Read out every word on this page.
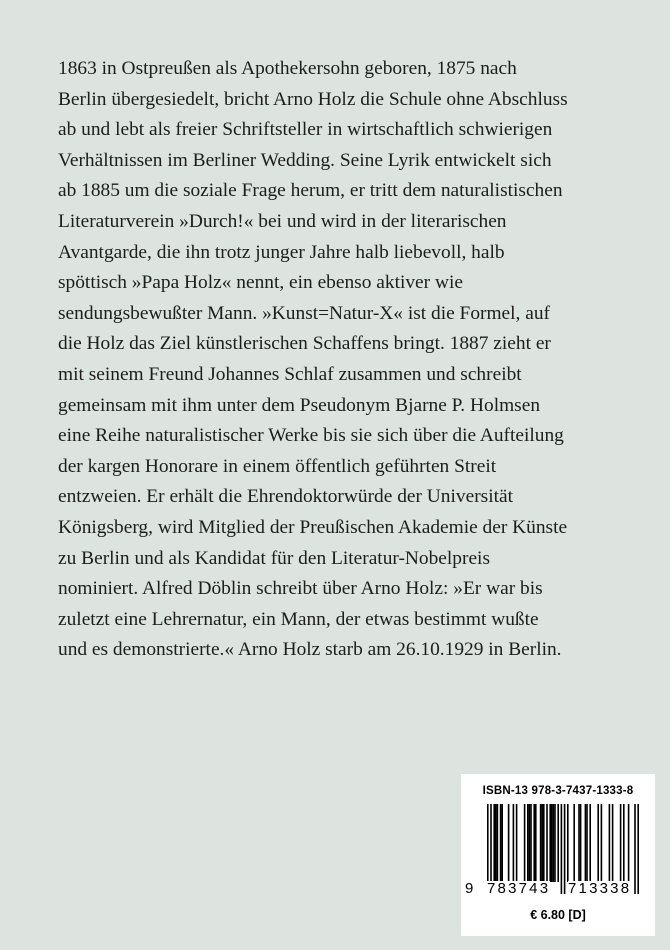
1863 in Ostpreußen als Apothekersohn geboren, 1875 nach
Berlin übergesiedelt, bricht Arno Holz die Schule ohne Abschluss
ab und lebt als freier Schriftsteller in wirtschaftlich schwierigen
Verhältnissen im Berliner Wedding. Seine Lyrik entwickelt sich
ab 1885 um die soziale Frage herum, er tritt dem naturalistischen
Literaturverein »Durch!« bei und wird in der literarischen
Avantgarde, die ihn trotz junger Jahre halb liebevoll, halb
spöttisch »Papa Holz« nennt, ein ebenso aktiver wie
sendungsbewußter Mann. »Kunst=Natur-X« ist die Formel, auf
die Holz das Ziel künstlerischen Schaffens bringt. 1887 zieht er
mit seinem Freund Johannes Schlaf zusammen und schreibt
gemeinsam mit ihm unter dem Pseudonym Bjarne P. Holmsen
eine Reihe naturalistischer Werke bis sie sich über die Aufteilung
der kargen Honorare in einem öffentlich geführten Streit
entzweien. Er erhält die Ehrendoktorwürde der Universität
Königsberg, wird Mitglied der Preußischen Akademie der Künste
zu Berlin und als Kandidat für den Literatur-Nobelpreis
nominiert. Alfred Döblin schreibt über Arno Holz: »Er war bis
zuletzt eine Lehrernatur, ein Mann, der etwas bestimmt wußte
und es demonstrierte.« Arno Holz starb am 26.10.1929 in Berlin.
ISBN-13 978-3-7437-1333-8
9 783743 713338
€ 6.80 [D]
